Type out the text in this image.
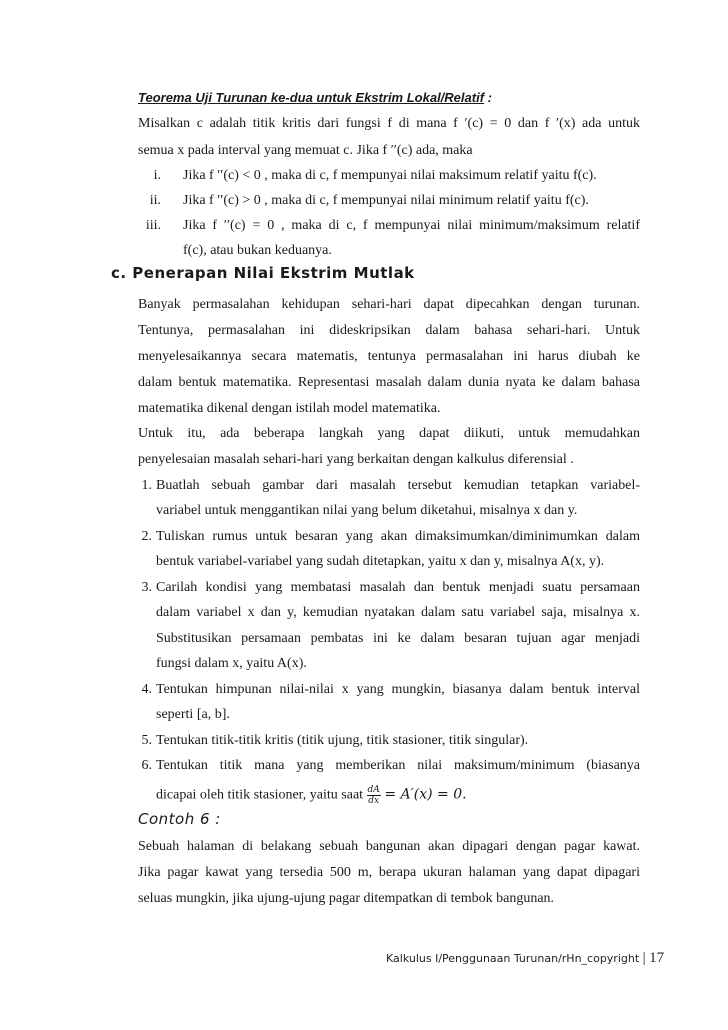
Teorema Uji Turunan ke-dua untuk Ekstrim Lokal/Relatif :
Misalkan c adalah titik kritis dari fungsi f di mana f ′(c) = 0 dan f ′(x) ada untuk
semua x pada interval yang memuat c. Jika f ′′(c) ada, maka
i. Jika f ′′(c) < 0 , maka di c, f mempunyai nilai maksimum relatif yaitu f(c).
ii. Jika f ′′(c) > 0 , maka di c, f mempunyai nilai minimum relatif yaitu f(c).
iii. Jika f ′′(c) = 0 , maka di c, f mempunyai nilai minimum/maksimum relatif
f(c), atau bukan keduanya.
c. Penerapan Nilai Ekstrim Mutlak
Banyak permasalahan kehidupan sehari-hari dapat dipecahkan dengan turunan.
Tentunya, permasalahan ini dideskripsikan dalam bahasa sehari-hari. Untuk
menyelesaikannya secara matematis, tentunya permasalahan ini harus diubah ke
dalam bentuk matematika. Representasi masalah dalam dunia nyata ke dalam bahasa
matematika dikenal dengan istilah model matematika.
Untuk itu, ada beberapa langkah yang dapat diikuti, untuk memudahkan
penyelesaian masalah sehari-hari yang berkaitan dengan kalkulus diferensial .
1. Buatlah sebuah gambar dari masalah tersebut kemudian tetapkan variabel-
variabel untuk menggantikan nilai yang belum diketahui, misalnya x dan y.
2. Tuliskan rumus untuk besaran yang akan dimaksimumkan/diminimumkan dalam
bentuk variabel-variabel yang sudah ditetapkan, yaitu x dan y, misalnya A(x, y).
3. Carilah kondisi yang membatasi masalah dan bentuk menjadi suatu persamaan
dalam variabel x dan y, kemudian nyatakan dalam satu variabel saja, misalnya x.
Substitusikan persamaan pembatas ini ke dalam besaran tujuan agar menjadi
fungsi dalam x, yaitu A(x).
4. Tentukan himpunan nilai-nilai x yang mungkin, biasanya dalam bentuk interval
seperti [a, b].
5. Tentukan titik-titik kritis (titik ujung, titik stasioner, titik singular).
6. Tentukan titik mana yang memberikan nilai maksimum/minimum (biasanya
dicapai oleh titik stasioner, yaitu saat $\frac{dA}{dx} = A'(x) = 0$.
Contoh 6 :
Sebuah halaman di belakang sebuah bangunan akan dipagari dengan pagar kawat.
Jika pagar kawat yang tersedia 500 m, berapa ukuran halaman yang dapat dipagari
seluas mungkin, jika ujung-ujung pagar ditempatkan di tembok bangunan.
Kalkulus I/Penggunaan Turunan/rHn_copyright | 17
